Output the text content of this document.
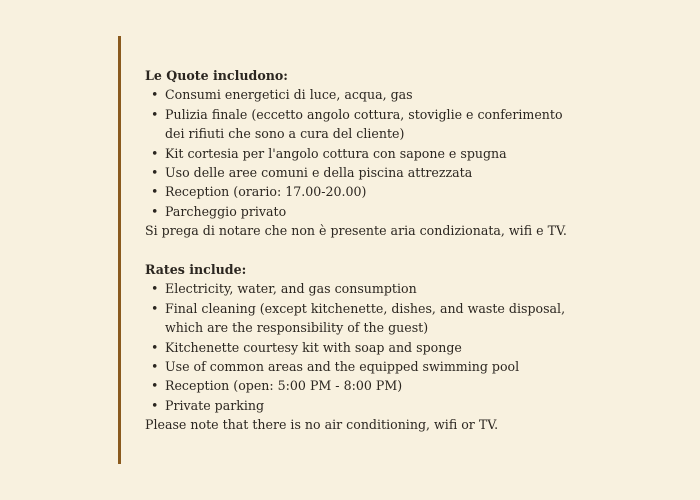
Le Quote includono:

• Consumi energetici di luce, acqua, gas
• Pulizia finale (eccetto angolo cottura, stoviglie e conferimento dei rifiuti che sono a cura del cliente)
• Kit cortesia per l'angolo cottura con sapone e spugna
• Uso delle aree comuni e della piscina attrezzata
• Reception (orario: 17.00-20.00)
• Parcheggio privato

Si prega di notare che non è presente aria condizionata, wifi e TV.

Rates include:

• Electricity, water, and gas consumption
• Final cleaning (except kitchenette, dishes, and waste disposal, which are the responsibility of the guest)
• Kitchenette courtesy kit with soap and sponge
• Use of common areas and the equipped swimming pool
• Reception (open: 5:00 PM - 8:00 PM)
• Private parking

Please note that there is no air conditioning, wifi or TV.
